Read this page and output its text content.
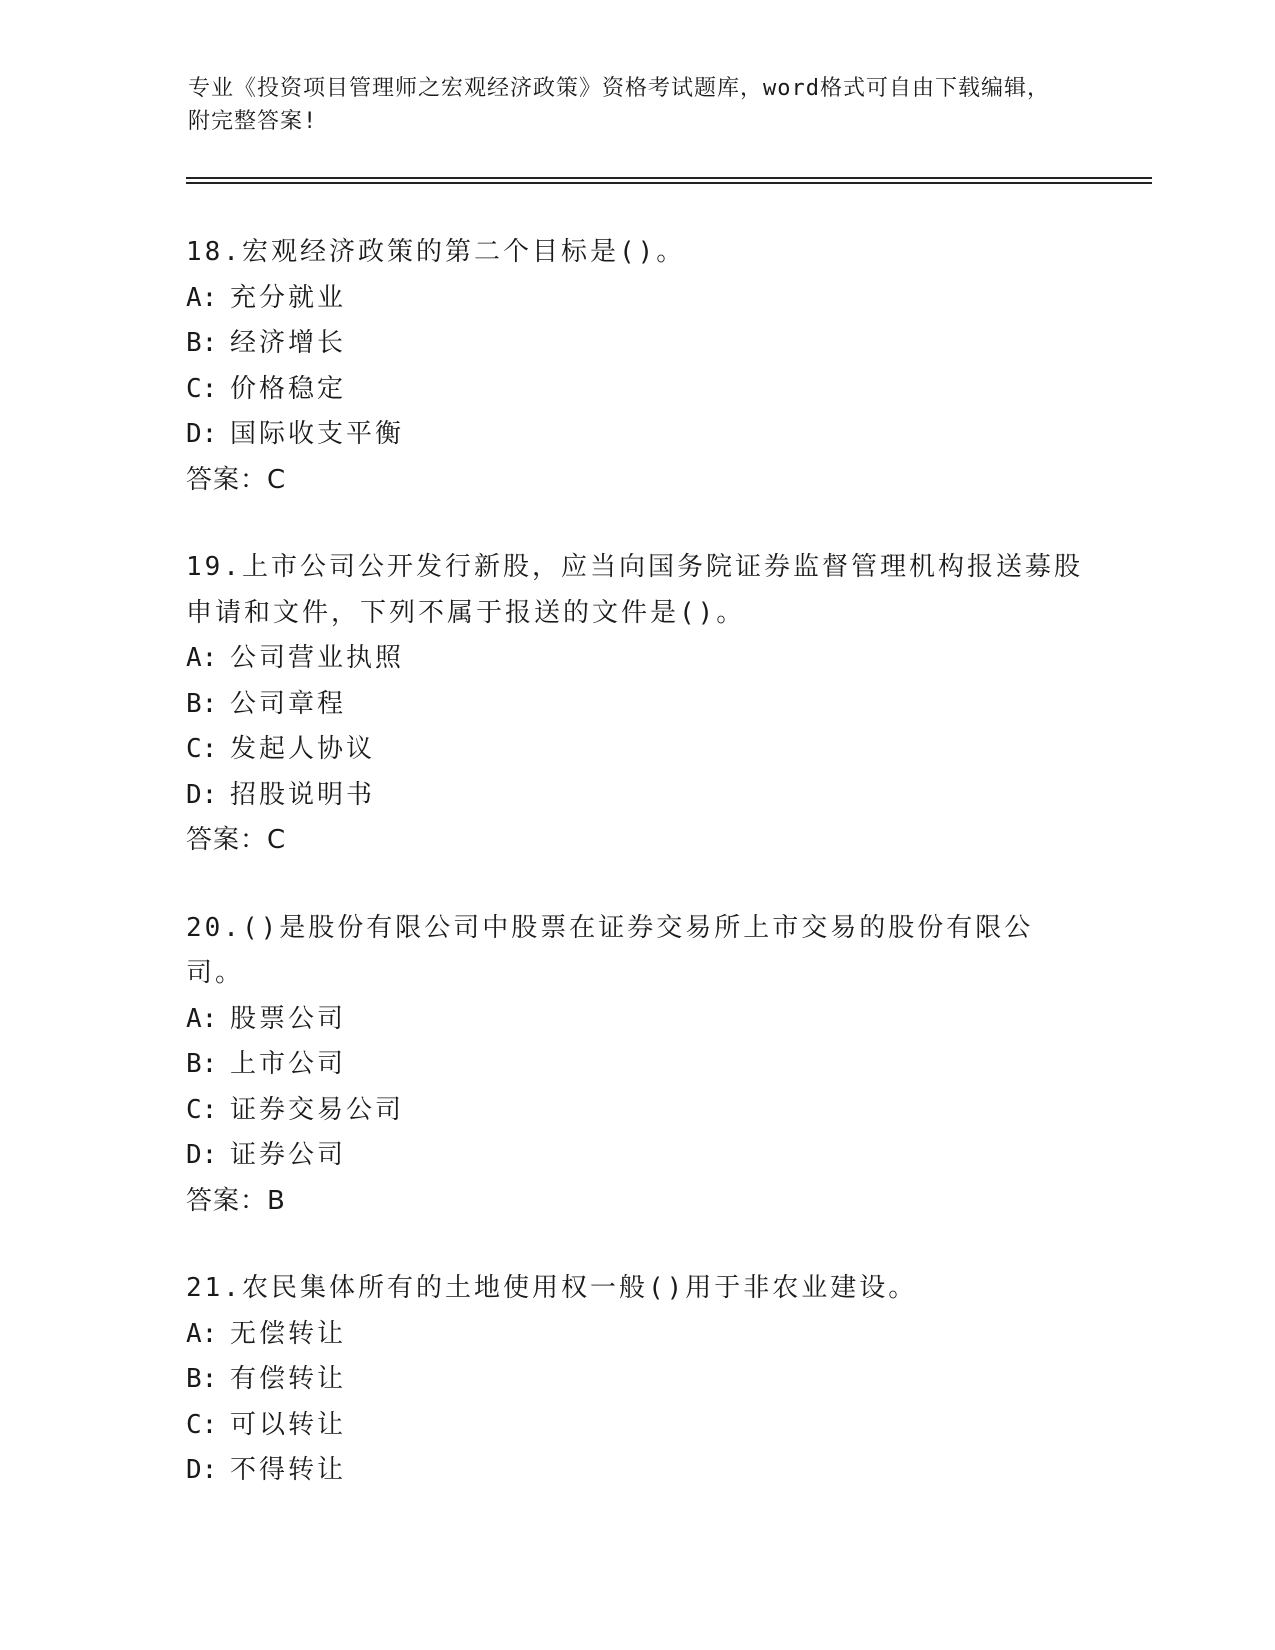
专业《投资项目管理师之宏观经济政策》资格考试题库，word格式可自由下载编辑，附完整答案!
18.宏观经济政策的第二个目标是()。
A: 充分就业
B: 经济增长
C: 价格稳定
D: 国际收支平衡
答案：C
19.上市公司公开发行新股，应当向国务院证券监督管理机构报送募股申请和文件，下列不属于报送的文件是()。
A: 公司营业执照
B: 公司章程
C: 发起人协议
D: 招股说明书
答案：C
20.()是股份有限公司中股票在证券交易所上市交易的股份有限公司。
A: 股票公司
B: 上市公司
C: 证券交易公司
D: 证券公司
答案：B
21.农民集体所有的土地使用权一般()用于非农业建设。
A: 无偿转让
B: 有偿转让
C: 可以转让
D: 不得转让
